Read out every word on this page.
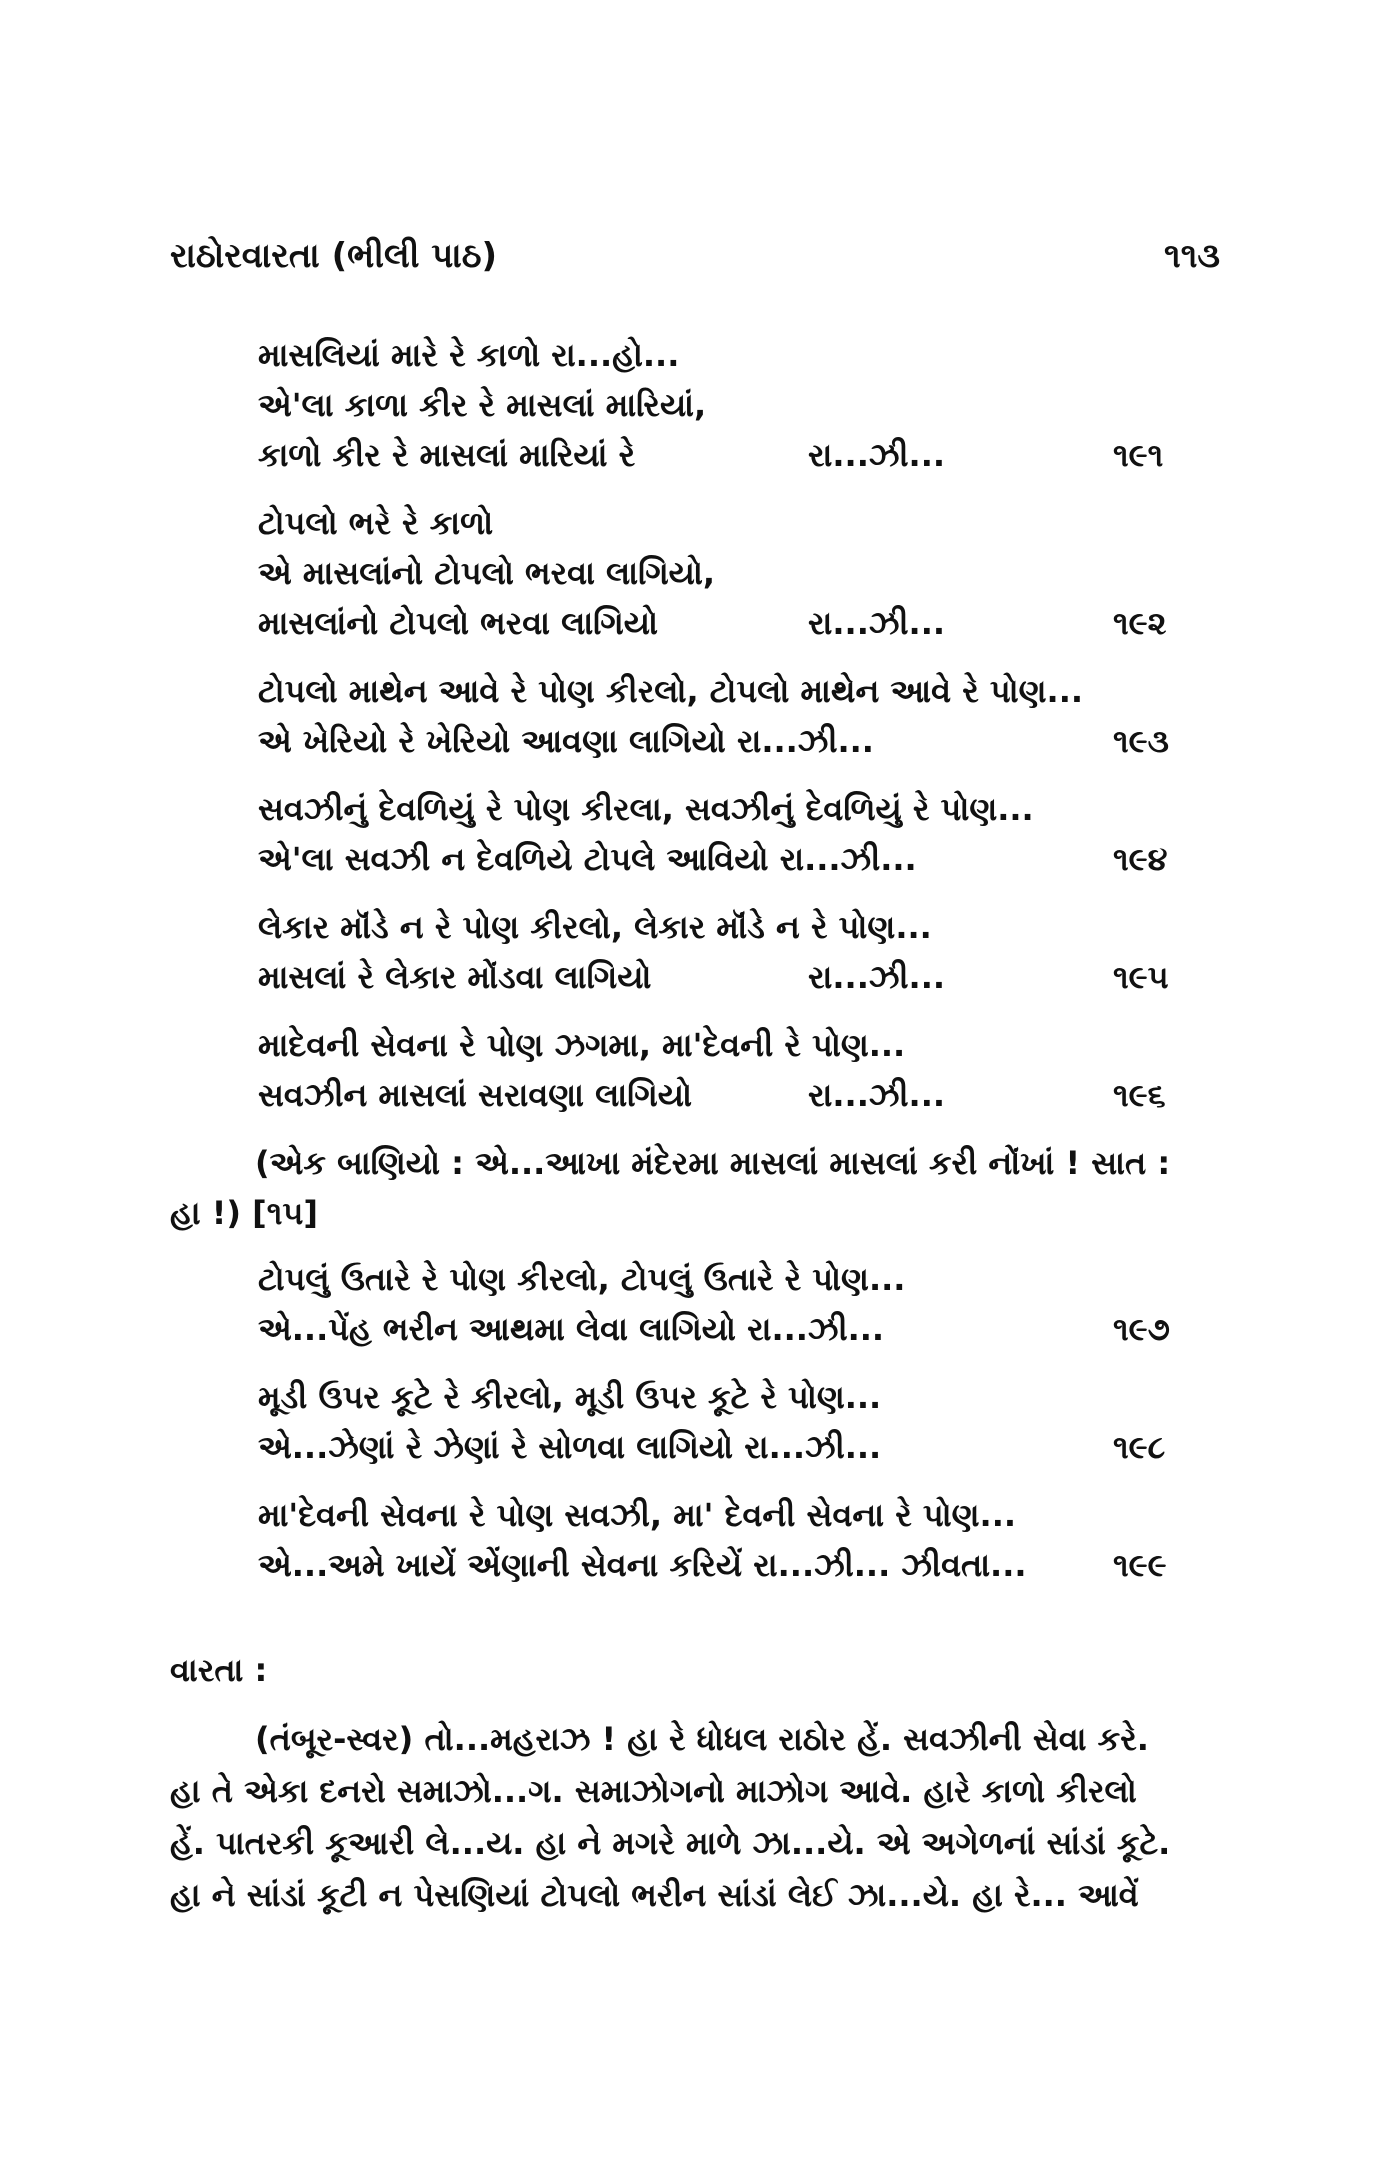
રાઠોરવારતા (ભીલી પાઠ)	૧૧૩
માસલિયાં મારે રે કાળો રા...હો...
એ'લા કાળા કીર રે માસલાં મારિયાં,
કાળો કીર રે માસલાં મારિયાં રે	રા...ઝી...	૧૯૧
ટોપલો ભરે રે કાળો
એ માસલાંનો ટોપલો ભરવા લાગિયો,
માસલાંનો ટોપલો ભરવા લાગિયો	રા...ઝી...	૧૯૨
ટોપલો માથેન આવે રે પોણ કીરલો, ટોપલો માથેન આવે રે પોણ...
એ ખેરિયો રે ખેરિયો આવણા લાગિયો રા...ઝી...	૧૯૩
સવઝીનું દેવળિયું રે પોણ કીરલા, સવઝીનું દેવળિયું રે પોણ...
એ'લા સવઝી ન દેવળિયે ટોપલે આવિયો રા...ઝી...	૧૯૪
લેકાર મૉંડે ન રે પોણ કીરલો, લેકાર મૉંડે ન રે પોણ...
માસલાં રે લેકાર મોંડવા લાગિયો	રા...ઝી...	૧૯૫
માદેવની સેવના રે પોણ ઝગમા, મા'દેવની રે પોણ...
સવઝીન માસલાં સરાવણા લાગિયો	રા...ઝી...	૧૯૬
(એક બાણિયો : એ...આખા મંદેરમા માસલાં માસલાં કરી નોંખાં ! સાત :
હા !) [૧૫]
ટોપલું ઉતારે રે પોણ કીરલો, ટોપલું ઉતારે રે પોણ...
એ...પેંહ ભરીન આથમા લેવા લાગિયો રા...ઝી...	૧૯૭
મૂડી ઉપર કૂટે રે કીરલો, મૂડી ઉપર કૂટે રે પોણ...
એ...ઝેણાં રે ઝેણાં રે સોળવા લાગિયો રા...ઝી...	૧૯૮
મા'દેવની સેવના રે પોણ સવઝી, મા' દેવની સેવના રે પોણ...
એ...અમે ખાયેં એંણાની સેવના કરિયેં રા...ઝી... ઝીવતા...	૧૯૯
વારતા :
(તંબૂર-સ્વર) તો...મહરાઝ ! હા રે ધોધલ રાઠોર હેં. સવઝીની સેવા કરે.
હા તે એકા દનરો સમાઝો...ગ. સમાઝોગનો માઝોગ આવે. હારે કાળો કીરલો
હેં. પાતરકી કૂઆરી લે...ય. હા ને મગરે માળે ઝા...યે. એ અગેળનાં સાંડાં કૂટે.
હા ને સાંડાં કૂટી ન પેસણિયાં ટોપલો ભરીન સાંડાં લેઈ ઝા...યે. હા રે... આવેં
